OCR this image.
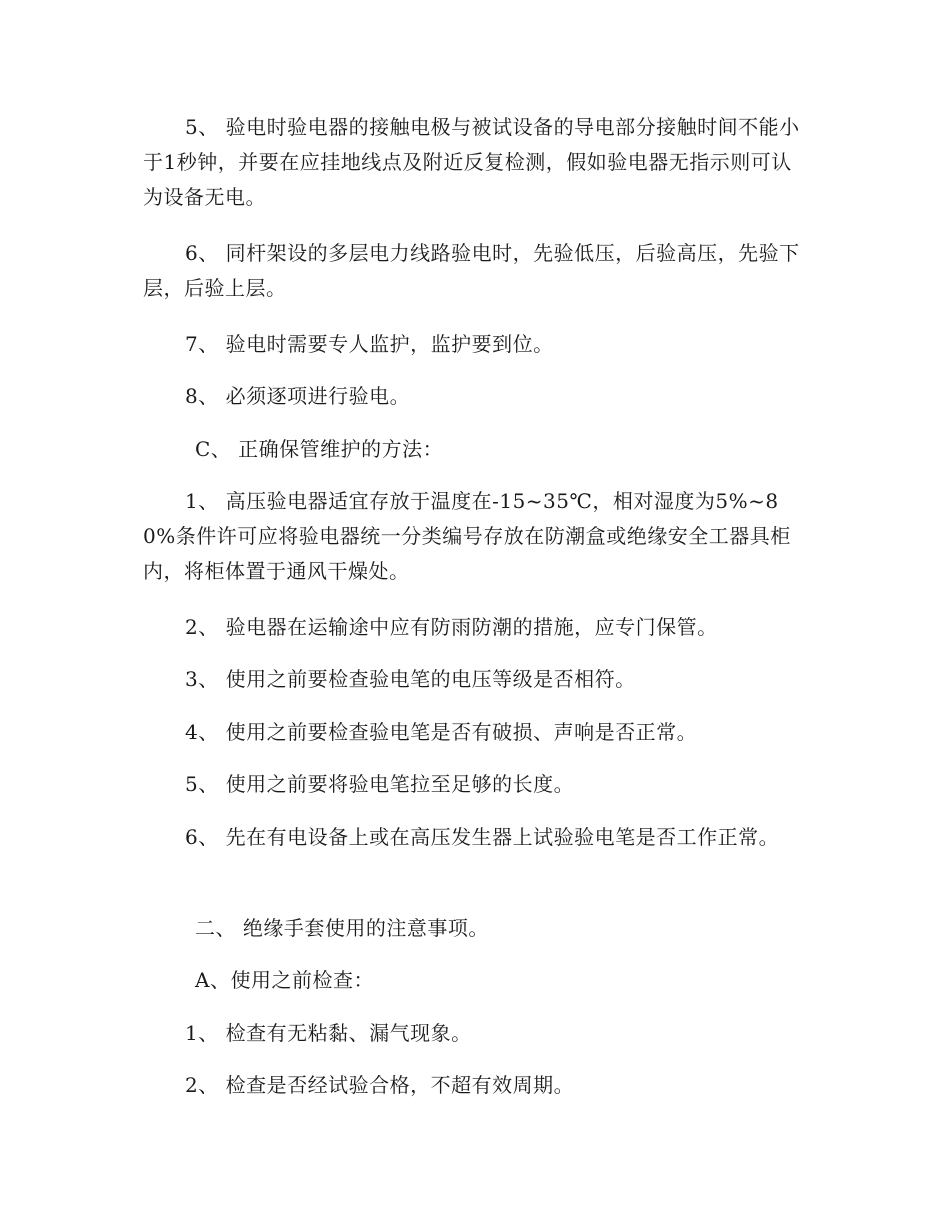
5、 验电时验电器的接触电极与被试设备的导电部分接触时间不能小于1秒钟，并要在应挂地线点及附近反复检测，假如验电器无指示则可认为设备无电。

6、 同杆架设的多层电力线路验电时，先验低压，后验高压，先验下层，后验上层。

7、 验电时需要专人监护，监护要到位。

8、 必须逐项进行验电。

C、 正确保管维护的方法：

1、 高压验电器适宜存放于温度在-15~35℃，相对湿度为5%~80%条件许可应将验电器统一分类编号存放在防潮盒或绝缘安全工器具柜内，将柜体置于通风干燥处。

2、 验电器在运输途中应有防雨防潮的措施，应专门保管。

3、 使用之前要检查验电笔的电压等级是否相符。

4、 使用之前要检查验电笔是否有破损、声响是否正常。

5、 使用之前要将验电笔拉至足够的长度。

6、 先在有电设备上或在高压发生器上试验验电笔是否工作正常。

二、 绝缘手套使用的注意事项。

A、使用之前检查：

1、 检查有无粘黏、漏气现象。

2、 检查是否经试验合格，不超有效周期。
